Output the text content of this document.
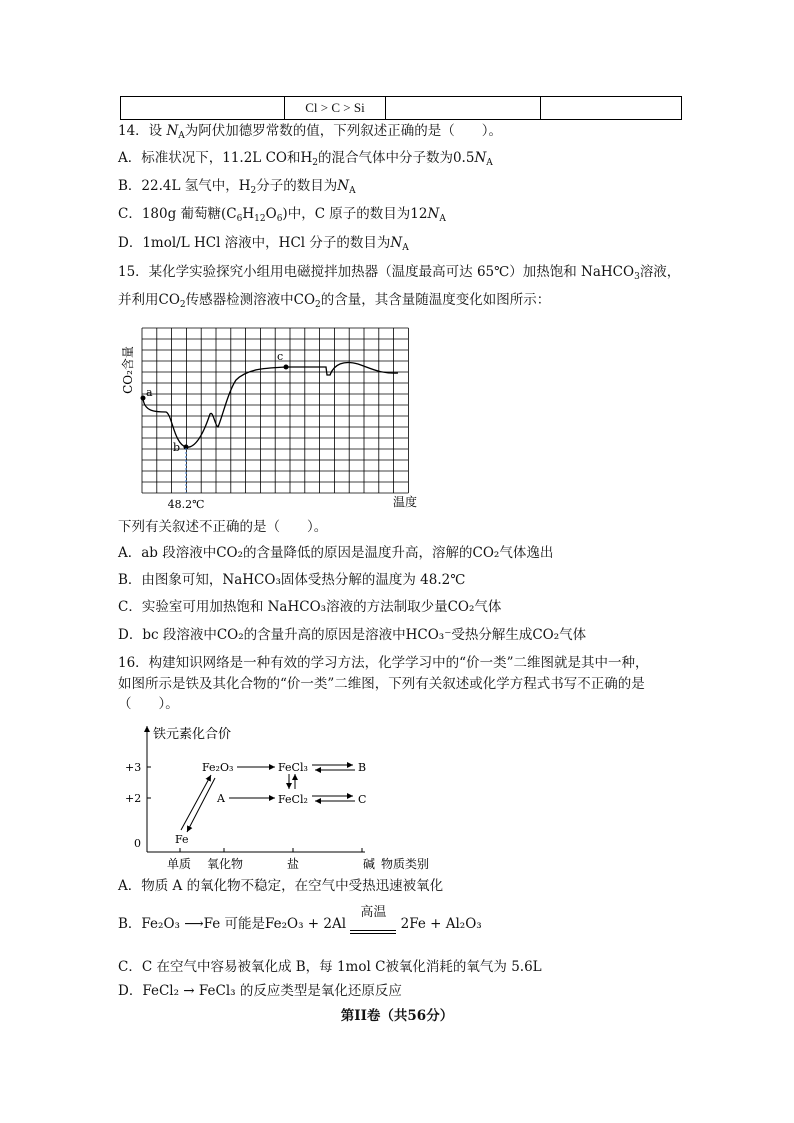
	Cl > C > Si		
14．设 $N_A$为阿伏加德罗常数的值，下列叙述正确的是（　　）。
A．标准状况下，11.2L CO和$H_2$的混合气体中分子数为$0.5N_A$
B．22.4L 氢气中，$H_2$分子的数目为$N_A$
C．180g 葡萄糖$(C_6H_{12}O_6)$中，C 原子的数目为$12N_A$
D．1mol/L HCl 溶液中，HCl 分子的数目为$N_A$
15．某化学实验探究小组用电磁搅拌加热器（温度最高可达 65℃）加热饱和 NaHCO$_3$溶液，
并利用$CO_2$传感器检测溶液中$CO_2$的含量，其含量随温度变化如图所示：
CO₂含量 a
b
c
48.2℃	温度
下列有关叙述不正确的是（　　）。
A．ab 段溶液中CO₂的含量降低的原因是温度升高，溶解的CO₂气体逸出
B．由图象可知，NaHCO₃固体受热分解的温度为 48.2℃
C．实验室可用加热饱和 NaHCO₃溶液的方法制取少量CO₂气体
D．bc 段溶液中CO₂的含量升高的原因是溶液中HCO₃⁻受热分解生成CO₂气体
16．构建知识网络是一种有效的学习方法，化学学习中的“价一类”二维图就是其中一种，
如图所示是铁及其化合物的“价一类”二维图，下列有关叙述或化学方程式书写不正确的是
（　　）。
铁元素化合价
+3
+2
0
单质 氧化物	盐	碱 物质类别
Fe₂O₃	FeCl₃	B
A	FeCl₂	C
Fe
A．物质 A 的氧化物不稳定，在空气中受热迅速被氧化
B．Fe₂O₃ ⟶Fe 可能是Fe₂O₃ + 2Al
高温
2Fe + Al₂O₃
C．C 在空气中容易被氧化成 B，每 1mol C被氧化消耗的氧气为 5.6L
D．FeCl₂ → FeCl₃ 的反应类型是氧化还原反应
第II卷（共56分）
